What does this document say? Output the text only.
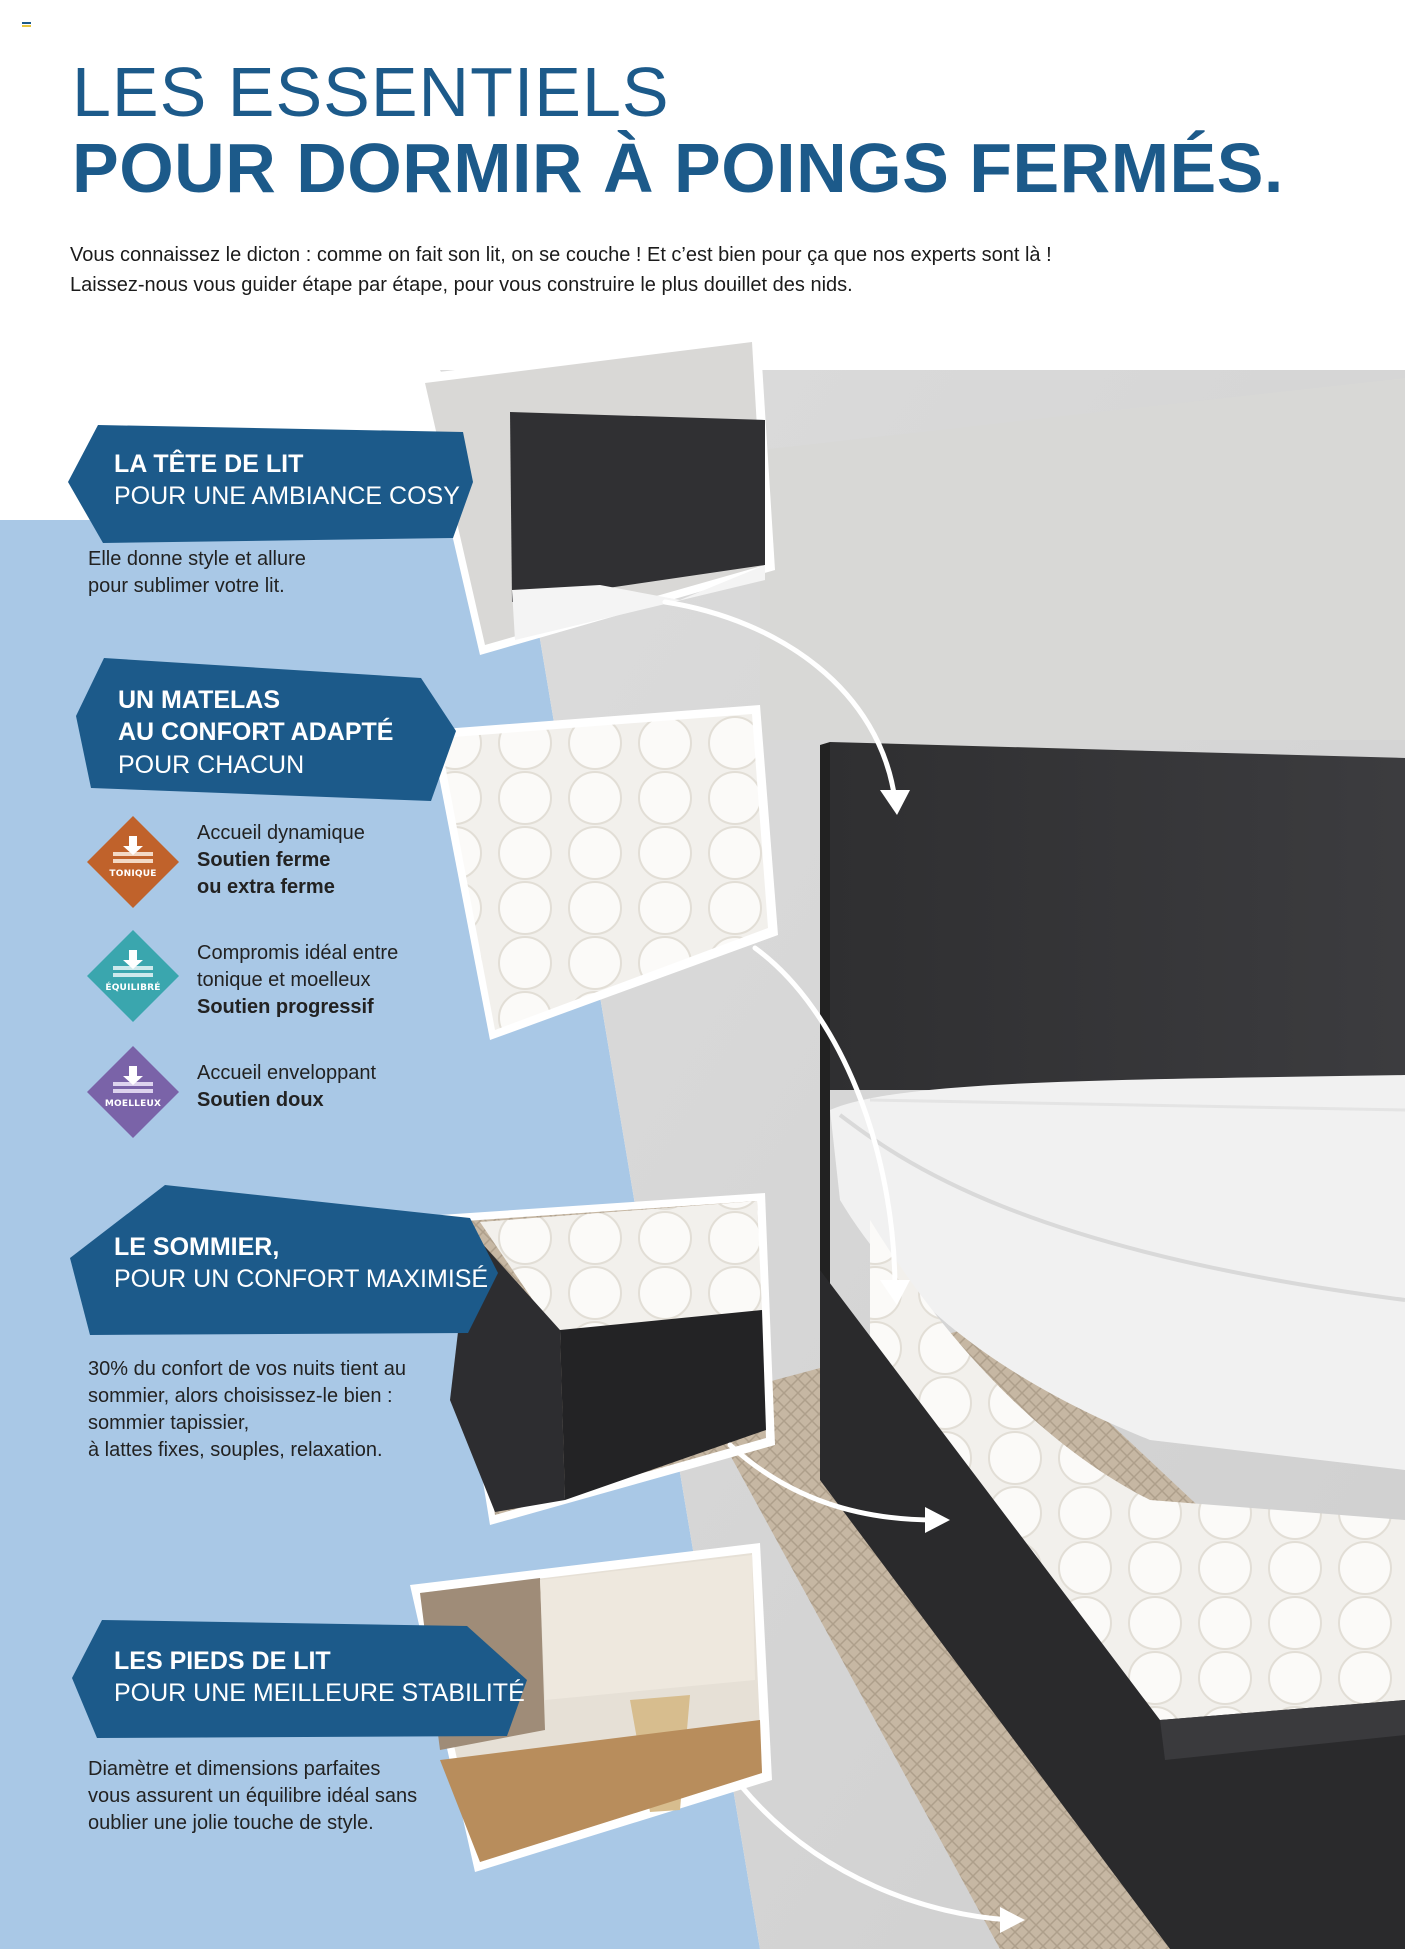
LES ESSENTIELS
POUR DORMIR À POINGS FERMÉS.
Vous connaissez le dicton : comme on fait son lit, on se couche ! Et c’est bien pour ça que nos experts sont là !
Laissez-nous vous guider étape par étape, pour vous construire le plus douillet des nids.
LA TÊTE DE LIT
POUR UNE AMBIANCE COSY
Elle donne style et allure
pour sublimer votre lit.
UN MATELAS
AU CONFORT ADAPTÉ
POUR CHACUN
TONIQUE
Accueil dynamique
Soutien ferme
ou extra ferme
ÉQUILIBRÉ
Compromis idéal entre
tonique et moelleux
Soutien progressif
MOELLEUX
Accueil enveloppant
Soutien doux
LE SOMMIER,
POUR UN CONFORT MAXIMISÉ
30% du confort de vos nuits tient au
sommier, alors choisissez-le bien :
sommier tapissier,
à lattes fixes, souples, relaxation.
LES PIEDS DE LIT
POUR UNE MEILLEURE STABILITÉ
Diamètre et dimensions parfaites
vous assurent un équilibre idéal sans
oublier une jolie touche de style.
